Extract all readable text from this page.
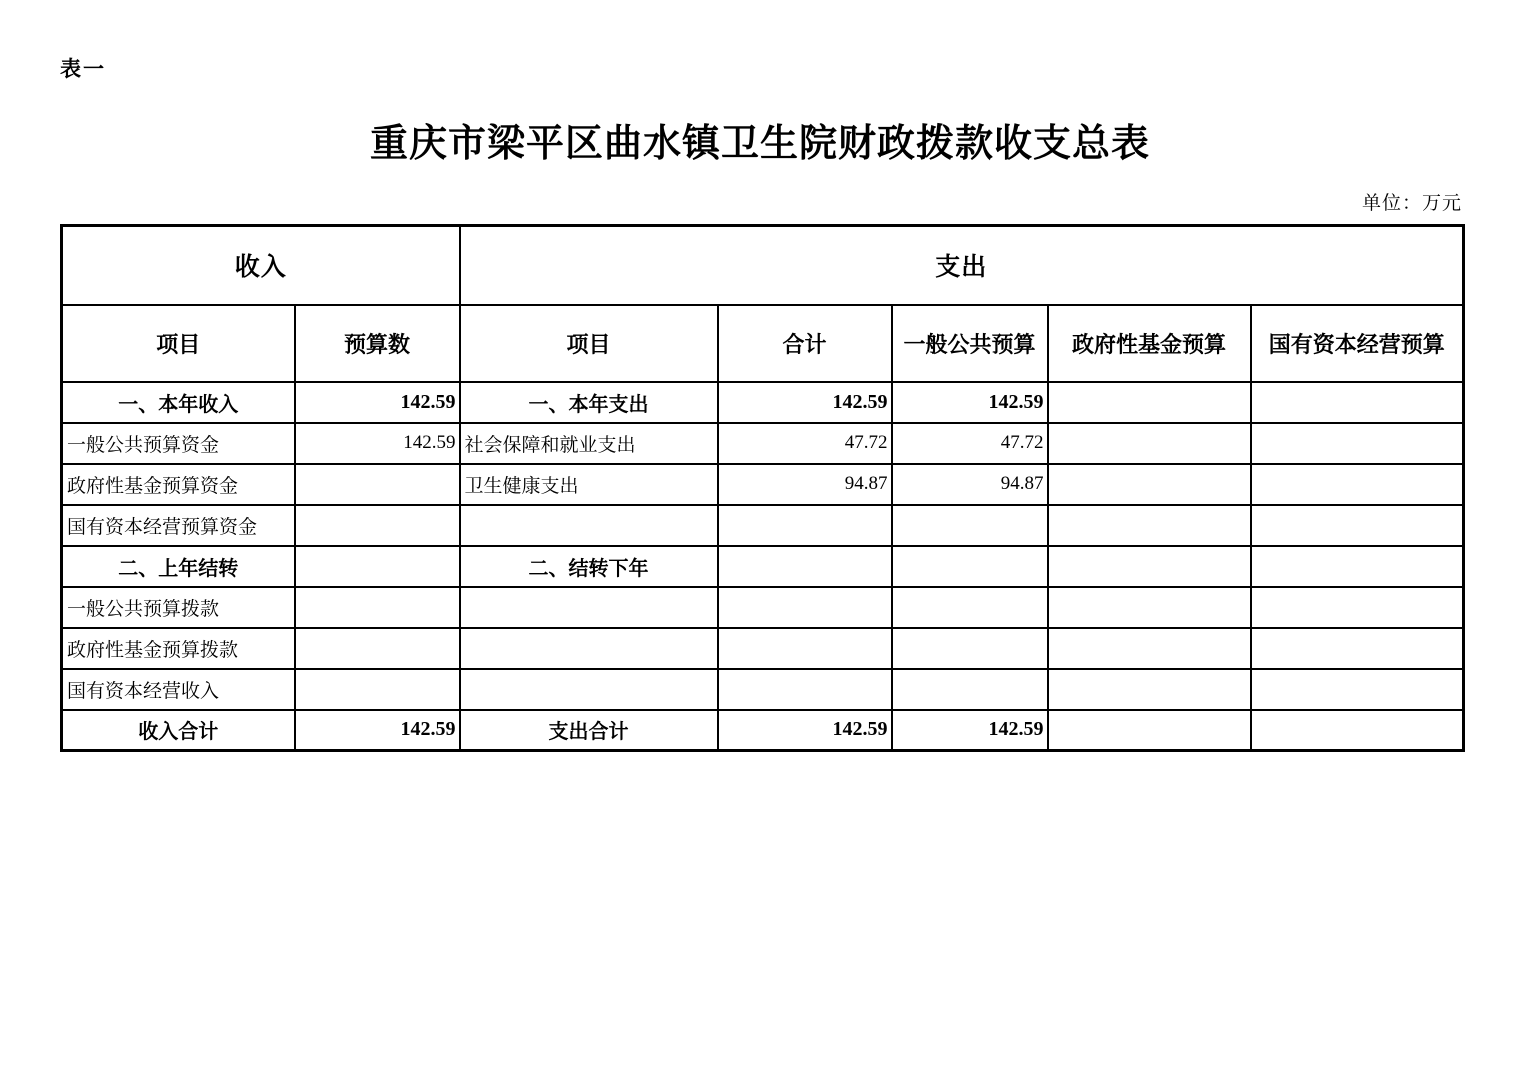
表一
重庆市梁平区曲水镇卫生院财政拨款收支总表
单位：万元
收入		支出				
项目	预算数	项目	合计	一般公共预算	政府性基金预算	国有资本经营预算
一、本年收入	142.59	一、本年支出	142.59	142.59		
一般公共预算资金	142.59	社会保障和就业支出	47.72	47.72		
政府性基金预算资金		卫生健康支出	94.87	94.87		
国有资本经营预算资金						
二、上年结转		二、结转下年				
一般公共预算拨款						
政府性基金预算拨款						
国有资本经营收入						
收入合计	142.59	支出合计	142.59	142.59		
